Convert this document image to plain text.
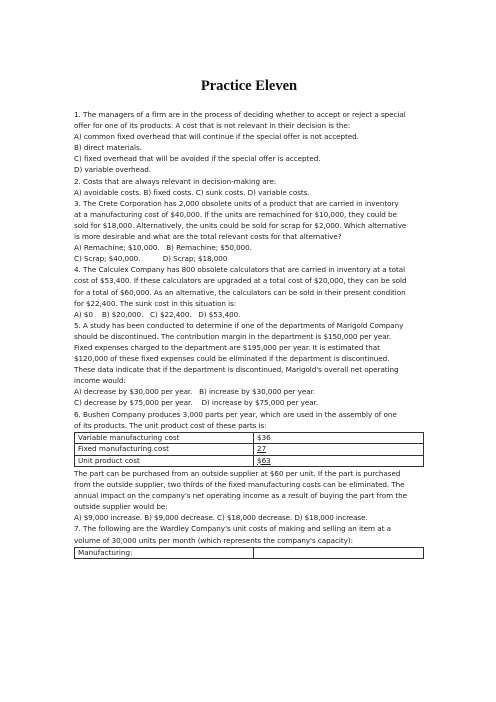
Practice Eleven

1. The managers of a firm are in the process of deciding whether to accept or reject a special

offer for one of its products. A cost that is not relevant in their decision is the:

A) common fixed overhead that will continue if the special offer is not accepted.

B) direct materials.

C) fixed overhead that will be avoided if the special offer is accepted.

D) variable overhead.

2. Costs that are always relevant in decision-making are:

A) avoidable costs. B) fixed costs. C) sunk costs. D) variable costs.

3. The Crete Corporation has 2,000 obsolete units of a product that are carried in inventory

at a manufacturing cost of $40,000. If the units are remachined for $10,000, they could be

sold for $18,000. Alternatively, the units could be sold for scrap for $2,000. Which alternative

is more desirable and what are the total relevant costs for that alternative?

A) Remachine; $10,000.   B) Remachine; $50,000.

C) Scrap; $40,000.          D) Scrap; $18,000

4. The Calculex Company has 800 obsolete calculators that are carried in inventory at a total

cost of $53,400. If these calculators are upgraded at a total cost of $20,000, they can be sold

for a total of $60,000. As an alternative, the calculators can be sold in their present condition

for $22,400. The sunk cost in this situation is:

A) $0    B) $20,000.   C) $22,400.   D) $53,400.

5. A study has been conducted to determine if one of the departments of Marigold Company

should be discontinued. The contribution margin in the department is $150,000 per year.

Fixed expenses charged to the department are $195,000 per year. It is estimated that

$120,000 of these fixed expenses could be eliminated if the department is discontinued.

These data indicate that if the department is discontinued, Marigold's overall net operating

income would:

A) decrease by $30,000 per year.   B) increase by $30,000 per year.

C) decrease by $75,000 per year.    D) increase by $75,000 per year.

6. Bushen Company produces 3,000 parts per year, which are used in the assembly of one

of its products. The unit product cost of these parts is:

Variable manufacturing cost	$36
Fixed manufacturing cost	27
Unit product cost	$63

The part can be purchased from an outside supplier at $60 per unit. If the part is purchased

from the outside supplier, two thirds of the fixed manufacturing costs can be eliminated. The

annual impact on the company's net operating income as a result of buying the part from the

outside supplier would be:

A) $9,000 increase. B) $9,000 decrease. C) $18,000 decrease. D) $18,000 increase.

7. The following are the Wardley Company's unit costs of making and selling an item at a

volume of 30,000 units per month (which represents the company's capacity):

Manufacturing:	
